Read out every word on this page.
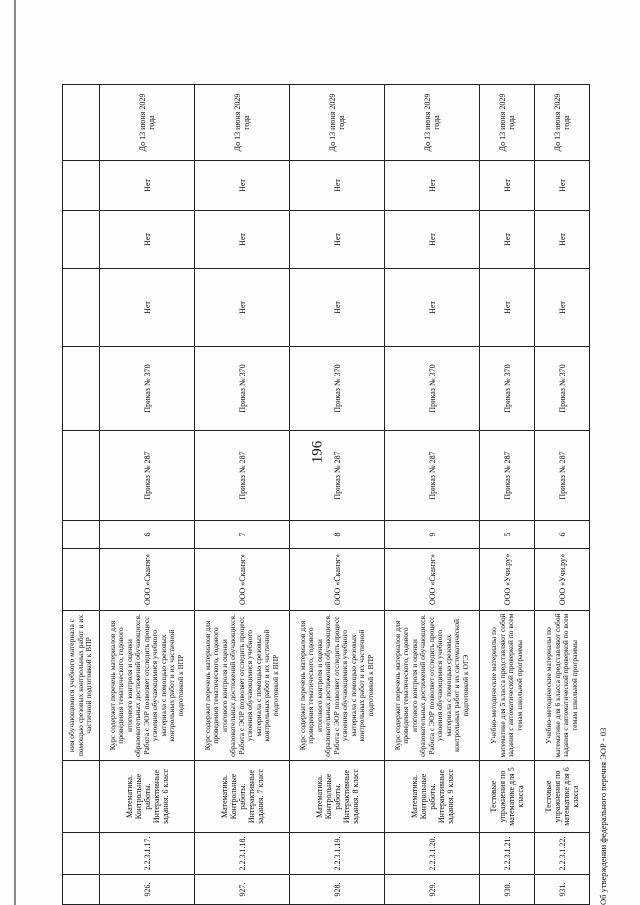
196
			ния обучающимися учебного материала с помощью срезовых контрольных работ и их частичной подготовкой к ВПР								
926.	2.2.3.1.17.	Математика. Контрольные работы. Интерактивные задания. 6 класс	Курс содержит перечень материалов для проведения тематического, годового итогового контроля и оценки образовательных достижений обучающихся. Работа с ЭОР позволяет отследить процесс усвоения обучающимися учебного материала с помощью срезовых контрольных работ и их частичной подготовкой к ВПР	ООО «Сканэг»	6	Приказ № 287	Приказ № 370	Нет	Нет	Нет	До 13 июня 2029 года
927.	2.2.3.1.18.	Математика. Контрольные работы. Интерактивные задания. 7 класс	Курс содержит перечень материалов для проведения тематического, годового итогового контроля и оценки образовательных достижений обучающихся. Работа с ЭОР позволяет отследить процесс усвоения обучающимися учебного материала с помощью срезовых контрольных работ и их частичной подготовкой к ВПР	ООО «Сканэг»	7	Приказ № 287	Приказ № 370	Нет	Нет	Нет	До 13 июня 2029 года
928.	2.2.3.1.19.	Математика. Контрольные работы. Интерактивные задания. 8 класс	Курс содержит перечень материалов для проведения тематического, годового итогового контроля и оценки образовательных достижений обучающихся. Работа с ЭОР позволяет отследить процесс усвоения обучающимися учебного материала с помощью срезовых контрольных работ и их частичной подготовкой к ВПР	ООО «Сканэг»	8	Приказ № 287	Приказ № 370	Нет	Нет	Нет	До 13 июня 2029 года
929.	2.2.3.1.20.	Математика. Контрольные работы. Интерактивные задания. 9 класс	Курс содержит перечень материалов для проведения тематического, годового итогового контроля и оценки образовательных достижений обучающихся. Работа с ЭОР позволяет отследить процесс усвоения обучающимися учебного материала с помощью срезовых контрольных работ и их систематической подготовкой к ОГЭ	ООО «Сканэг»	9	Приказ № 287	Приказ № 370	Нет	Нет	Нет	До 13 июня 2029 года
930.	2.2.3.1.21.	Тестовые упражнения по математике для 5 класса	Учебно-методические материалы по математике для 5 класса представляют собой задания с автоматической проверкой по всем темам школьной программы	ООО «Учи.ру»	5	Приказ № 287	Приказ № 370	Нет	Нет	Нет	До 13 июня 2029 года
931.	2.2.3.1.22.	Тестовые упражнения по математике для 6 класса	Учебно-методические материалы по математике для 6 класса представляют собой задания с автоматической проверкой по всем темам школьной программы	ООО «Учи.ру»	6	Приказ № 287	Приказ № 370	Нет	Нет	Нет	До 13 июня 2029 года
Об утверждении федерального перечня ЭОР - 03
